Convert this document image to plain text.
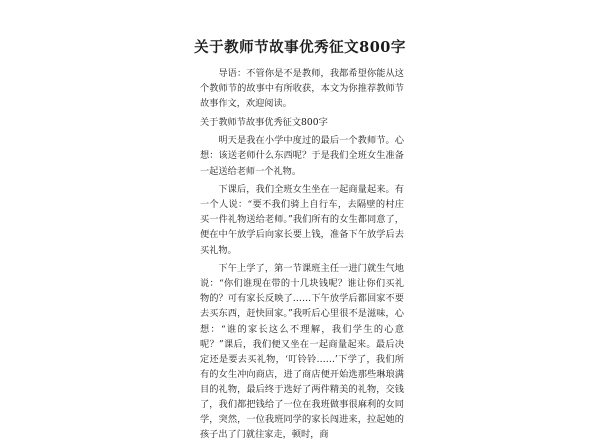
关于教师节故事优秀征文800字

导语：不管你是不是教师，我都希望你能从这个教师节的故事中有所收获，本文为你推荐教师节故事作文，欢迎阅读。

关于教师节故事优秀征文800字

明天是我在小学中度过的最后一个教师节。心想：该送老师什么东西呢？于是我们全班女生准备一起送给老师一个礼物。

下课后，我们全班女生坐在一起商量起来。有一个人说：“要不我们骑上自行车，去隔壁的村庄买一件礼物送给老师。”我们所有的女生都同意了，便在中午放学后向家长要上钱，准备下午放学后去买礼物。

下午上学了，第一节课班主任一进门就生气地说：“你们谁现在带的十几块钱呢？谁让你们买礼物的？可有家长反映了……下午放学后都回家不要去买东西，赶快回家。”我听后心里很不是滋味，心想：“谁的家长这么不理解，我们学生的心意呢？”课后，我们便又坐在一起商量起来。最后决定还是要去买礼物，‘叮铃铃……’下学了，我们所有的女生冲向商店，进了商店便开始选那些琳琅满目的礼物，最后终于选好了两件精美的礼物，交钱了，我们都把钱给了一位在我班做事很麻利的女同学，突然，一位我班同学的家长闯进来，拉起她的孩子出了门就往家走，顿时，商
